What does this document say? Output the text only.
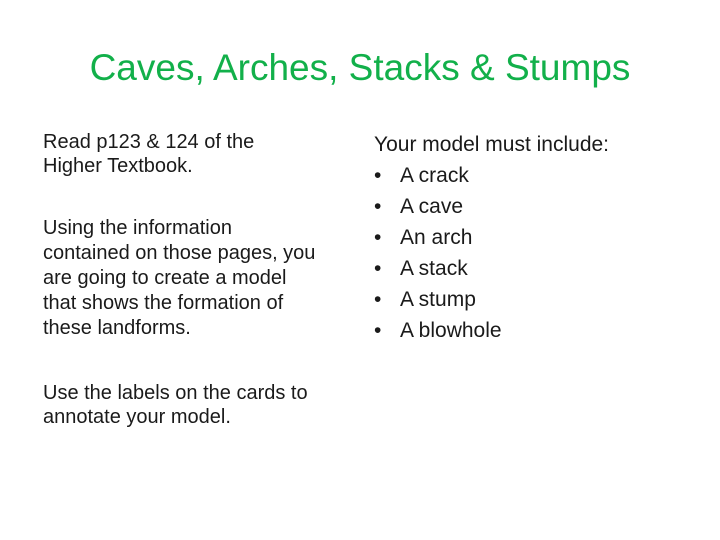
Caves, Arches, Stacks & Stumps

Read p123 & 124 of the Higher Textbook.

Using the information contained on those pages, you are going to create a model that shows the formation of these landforms.

Use the labels on the cards to annotate your model.

Your model must include:

• A crack
• A cave
• An arch
• A stack
• A stump
• A blowhole
